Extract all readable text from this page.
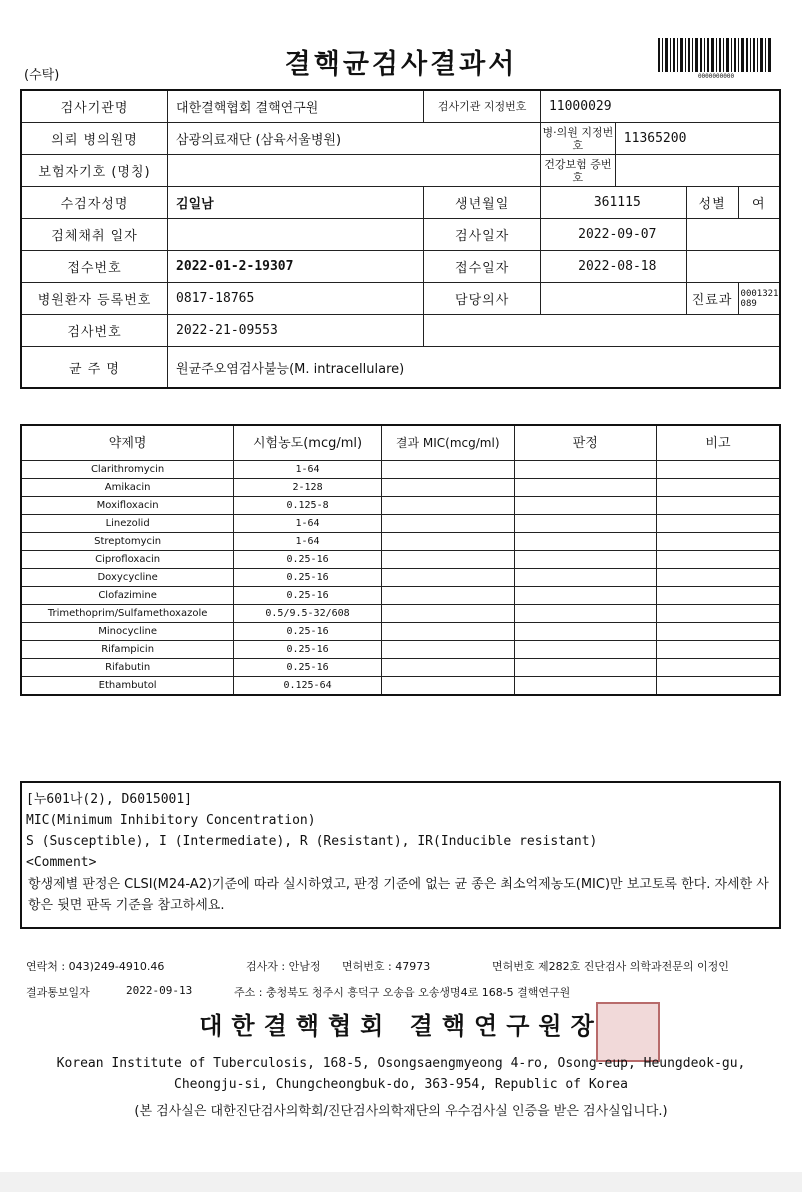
(수탁)	결핵균검사결과서	0000000000
검사기관명	대한결핵협회 결핵연구원	검사기관 지정번호	11000029			
의뢰 병의원명	삼광의료재단 (삼육서울병원)		병·의원 지정번호	11365200		
보험자기호 (명칭)			건강보험 증번호			
수검자성명	김일남	생년월일	361115		성별	여
검체채취 일자		검사일자	2022-09-07			
접수번호	2022-01-2-19307	접수일자	2022-08-18			
병원환자 등록번호	0817-18765	담당의사			진료과	0001321089
검사번호	2022-21-09553					
균 주 명	원균주오염검사불능(M. intracellulare)					
약제명	시험농도(mcg/ml)	결과 MIC(mcg/ml)	판정	비고
Clarithromycin	1-64			
Amikacin	2-128			
Moxifloxacin	0.125-8			
Linezolid	1-64			
Streptomycin	1-64			
Ciprofloxacin	0.25-16			
Doxycycline	0.25-16			
Clofazimine	0.25-16			
Trimethoprim/Sulfamethoxazole	0.5/9.5-32/608			
Minocycline	0.25-16			
Rifampicin	0.25-16			
Rifabutin	0.25-16			
Ethambutol	0.125-64			

[누601나(2), D6015001]

MIC(Minimum Inhibitory Concentration)

S (Susceptible), I (Intermediate), R (Resistant), IR(Inducible resistant)

<Comment>

항생제별 판정은 CLSI(M24-A2)기준에 따라 실시하였고, 판정 기준에 없는 균 종은 최소억제농도(MIC)만 보고토록 한다. 자세한 사항은 뒷면 판독 기준을 참고하세요.

연락처 : 043)249-4910.46	검사자 : 안남정 면허번호 : 47973	면허번호 제282호 진단검사 의학과전문의 이정인
결과통보일자	2022-09-13	주소 : 충청북도 청주시 흥덕구 오송읍 오송생명4로 168-5 결핵연구원
대한결핵협회 결핵연구원장
Korean Institute of Tuberculosis, 168-5, Osongsaengmyeong 4-ro, Osong-eup, Heungdeok-gu,
Cheongju-si, Chungcheongbuk-do, 363-954, Republic of Korea
(본 검사실은 대한진단검사의학회/진단검사의학재단의 우수검사실 인증을 받은 검사실입니다.)
